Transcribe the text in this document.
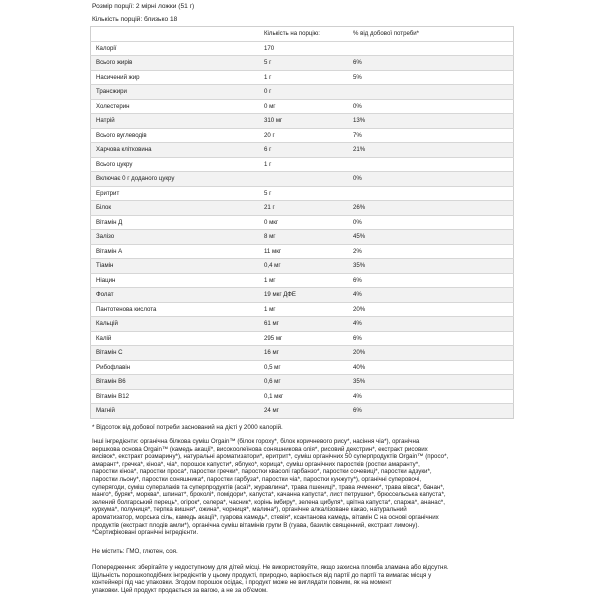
Розмір порції: 2 мірні ложки (51 г)
Кількість порцій: близько 18
	Кількість на порцію:	% від добової потреби*
Калорії	170	
Всього жирів	5 г	6%
Насичений жир	1 г	5%
Трансжири	0 г	
Холестерин	0 мг	0%
Натрій	310 мг	13%
Всього вуглеводів	20 г	7%
Харчова клітковина	6 г	21%
Всього цукру	1 г	
Включає 0 г доданого цукру		0%
Еритрит	5 г	
Білок	21 г	26%
Вітамін Д	0 мкг	0%
Залізо	8 мг	45%
Вітамін А	11 мкг	2%
Тіамін	0,4 мг	35%
Ніацин	1 мг	6%
Фолат	19 мкг ДФЕ	4%
Пантотенова кислота	1 мг	20%
Кальцій	61 мг	4%
Калій	295 мг	6%
Вітамін С	16 мг	20%
Рибофлавін	0,5 мг	40%
Вітамін B6	0,6 мг	35%
Вітамін B12	0,1 мкг	4%
Магній	24 мг	6%
* Відсоток від добової потреби заснований на дієті у 2000 калорій.
Інші інгредієнти: органічна білкова суміш Orgain™ (білок гороху*, білок коричневого рису*, насіння чіа*), органічна
вершкова основа Orgain™ (камедь акації*, високоолеїнова соняшникова олія*, рисовий декстрин*, екстракт рисових
висівок*, екстракт розмарину*), натуральні ароматизатори*, еритрит*, суміш органічних 50 суперпродуктів Orgain™ (просо*,
амарант*, гречка*, кіноа*, чіа*, порошок капусти*, яблуко*, корица*, суміш органічних паростків (ростки амаранту*,
паростки кіноа*, паростки проса*, паростки гречки*, паростки квасолі гарбанзо*, паростки сочевиці*, паростки адзуки*,
паростки льону*, паростки соняшника*, паростки гарбуза*, паростки чіа*, паростки кунжуту*), органічні суперовочі,
суперягоди, суміш суперзлаків та суперпродуктів (асаї*, журавлина*, трава пшениці*, трава ячменю*, трава вівса*, банан*,
манго*, буряк*, морква*, шпинат*, броколі*, помідори*, капуста*, качанна капуста*, лист петрушки*, брюссельська капуста*,
зелений болгарський перець*, огірок*, селера*, часник*, корінь імбиру*, зелена цибуля*, цвітна капуста*, спаржа*, ананас*,
куркума*, полуниця*, терпка вишня*, ожина*, чорниця*, малина*), органічне алкалізоване какао, натуральний
ароматизатор, морська сіль, камедь акації*, гуарова камедь*, стевія*, ксантанова камедь, вітамін С на основі органічних
продуктів (екстракт плодів амли*), органічна суміш вітамінів групи B (гуава, базилік священний, екстракт лимону).
*Сертифіковані органічні інгредієнти.
Не містить: ГМО, глютен, соя.
Попередження: зберігайте у недоступному для дітей місці. Не використовуйте, якщо захисна пломба зламана або відсутня.
Щільність порошкоподібних інгредієнтів у цьому продукті, природно, варіюється від партії до партії та вимагає місця у
контейнері під час упаковки. Згодом порошок осідає, і продукт може не виглядати повним, як на момент
упаковки. Цей продукт продається за вагою, а не за об'ємом.
